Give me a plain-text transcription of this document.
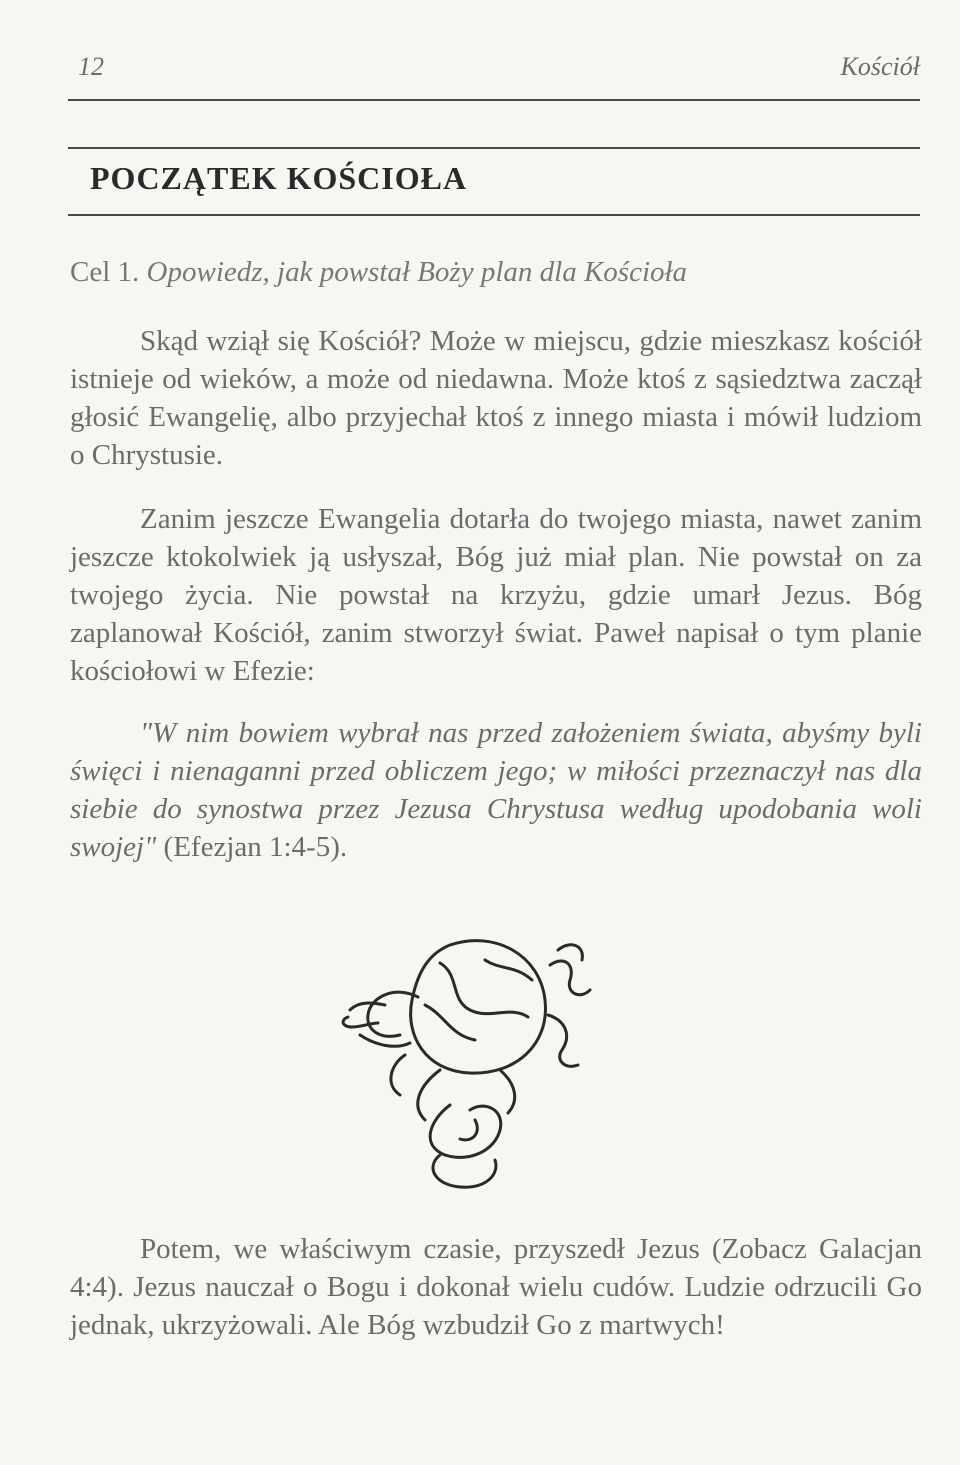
12	Kościół
POCZĄTEK KOŚCIOŁA
Cel 1. Opowiedz, jak powstał Boży plan dla Kościoła

Skąd wziął się Kościół? Może w miejscu, gdzie mieszkasz kościół istnieje od wieków, a może od niedawna. Może ktoś z sąsiedztwa zaczął głosić Ewangelię, albo przyjechał ktoś z innego miasta i mówił ludziom o Chrystusie.

Zanim jeszcze Ewangelia dotarła do twojego miasta, nawet zanim jeszcze ktokolwiek ją usłyszał, Bóg już miał plan. Nie powstał on za twojego życia. Nie powstał na krzyżu, gdzie umarł Jezus. Bóg zaplanował Kościół, zanim stworzył świat. Paweł napisał o tym planie kościołowi w Efezie:

"W nim bowiem wybrał nas przed założeniem świata, abyśmy byli święci i nienaganni przed obliczem jego; w miłości przeznaczył nas dla siebie do synostwa przez Jezusa Chrystusa według upodobania woli swojej" (Efezjan 1:4-5).

Potem, we właściwym czasie, przyszedł Jezus (Zobacz Galacjan 4:4). Jezus nauczał o Bogu i dokonał wielu cudów. Ludzie odrzucili Go jednak, ukrzyżowali. Ale Bóg wzbudził Go z martwych!
